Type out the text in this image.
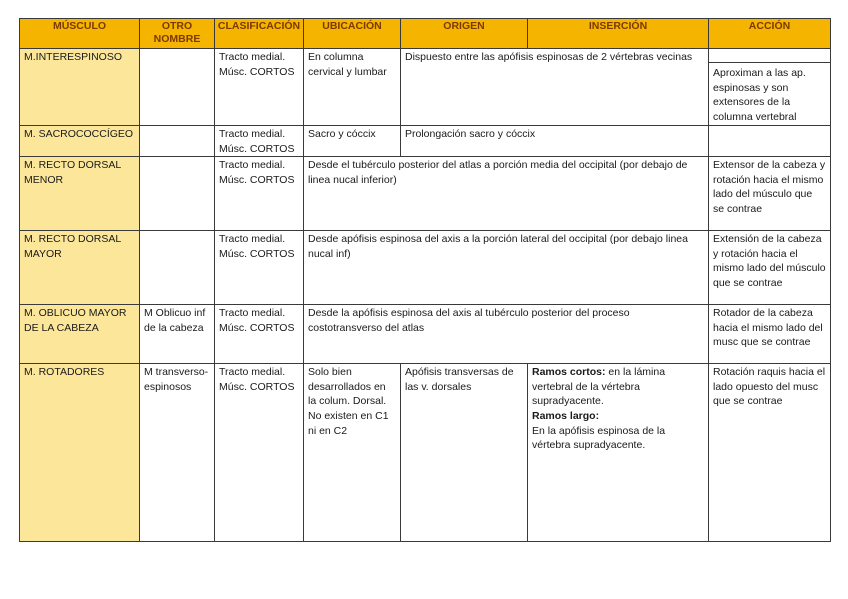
MÚSCULO	OTRO NOMBRE	CLASIFICACIÓN	UBICACIÓN	ORIGEN	INSERCIÓN	ACCIÓN
M.INTERESPINOSO		Tracto medial. Músc. CORTOS	En columna cervical y lumbar	Dispuesto entre las apófisis espinosas de 2 vértebras vecinas		Aproximan a las ap. espinosas y son extensores de la columna vertebral

M. SACROCOCCÍGEO		Tracto medial. Músc. CORTOS	Sacro y cóccix	Prolongación sacro y cóccix		
M. RECTO DORSAL MENOR		Tracto medial. Músc. CORTOS	Desde el tubérculo posterior del atlas a porción media del occipital (por debajo de linea nucal inferior)			Extensor de la cabeza y rotación hacia el mismo lado del músculo que se contrae
M. RECTO DORSAL MAYOR		Tracto medial. Músc. CORTOS	Desde apófisis espinosa del axis a la porción lateral del occipital (por debajo linea nucal inf)			Extensión de la cabeza y rotación hacia el mismo lado del músculo que se contrae
M. OBLICUO MAYOR DE LA CABEZA	M Oblicuo inf de la cabeza	Tracto medial. Músc. CORTOS	Desde la apófisis espinosa del axis al tubérculo posterior del proceso costotransverso del atlas			Rotador de la cabeza hacia el mismo lado del musc que se contrae
M. ROTADORES	M transverso-espinosos	Tracto medial. Músc. CORTOS	Solo bien desarrollados en la colum. Dorsal. No existen en C1 ni en C2	Apófisis transversas de las v. dorsales	Ramos cortos: en la lámina vertebral de la vértebra supradyacente.
Ramos largo:
En la apófisis espinosa de la vértebra supradyacente.	Rotación raquis hacia el lado opuesto del musc que se contrae
